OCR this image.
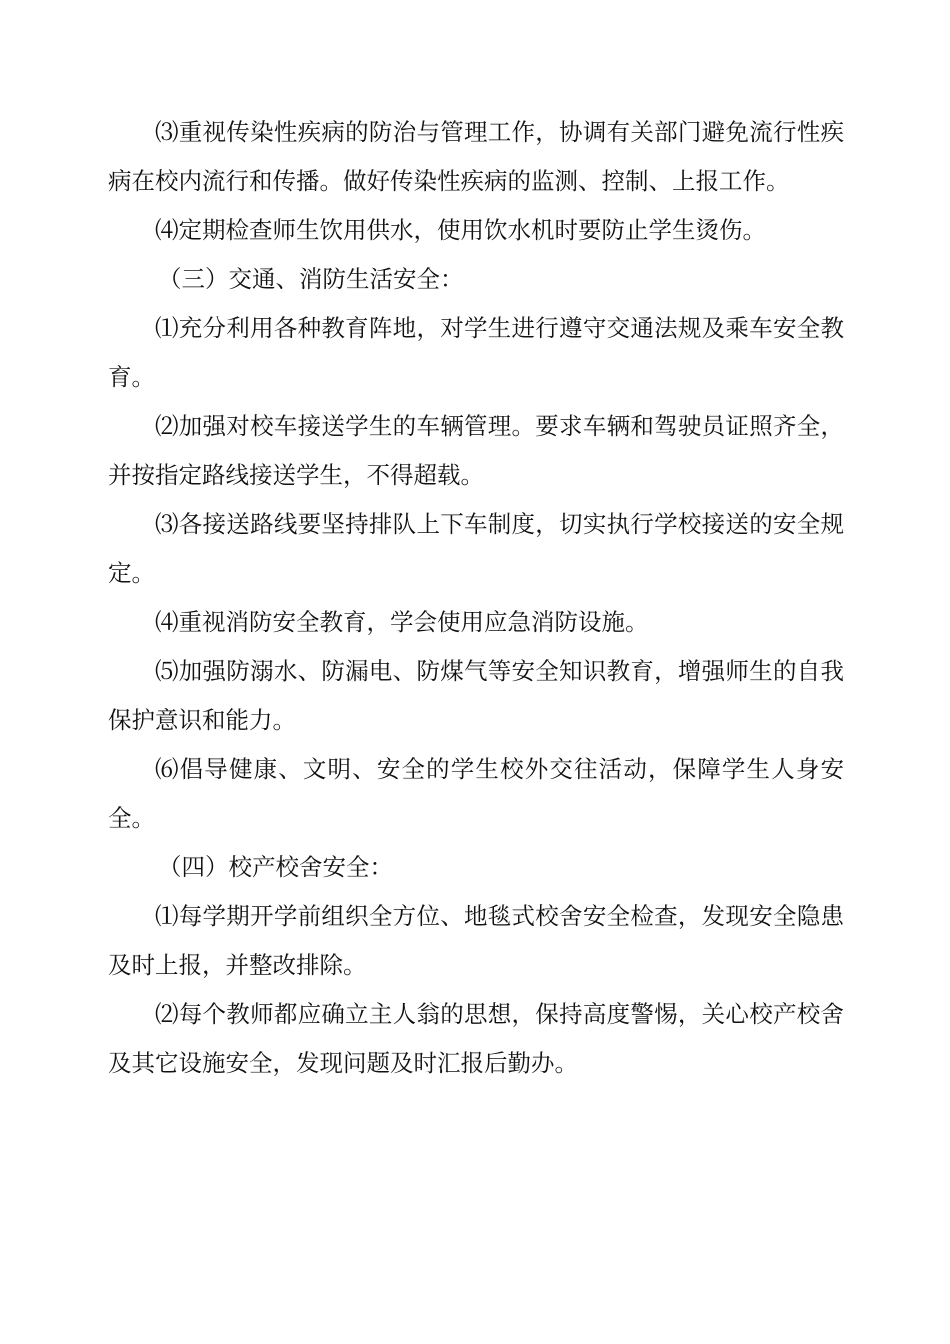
⑶重视传染性疾病的防治与管理工作，协调有关部门避免流行性疾病在校内流行和传播。做好传染性疾病的监测、控制、上报工作。

⑷定期检查师生饮用供水，使用饮水机时要防止学生烫伤。

（三）交通、消防生活安全：

⑴充分利用各种教育阵地，对学生进行遵守交通法规及乘车安全教育。

⑵加强对校车接送学生的车辆管理。要求车辆和驾驶员证照齐全，并按指定路线接送学生，不得超载。

⑶各接送路线要坚持排队上下车制度，切实执行学校接送的安全规定。

⑷重视消防安全教育，学会使用应急消防设施。

⑸加强防溺水、防漏电、防煤气等安全知识教育，增强师生的自我保护意识和能力。

⑹倡导健康、文明、安全的学生校外交往活动，保障学生人身安全。

（四）校产校舍安全：

⑴每学期开学前组织全方位、地毯式校舍安全检查，发现安全隐患及时上报，并整改排除。

⑵每个教师都应确立主人翁的思想，保持高度警惕，关心校产校舍及其它设施安全，发现问题及时汇报后勤办。
